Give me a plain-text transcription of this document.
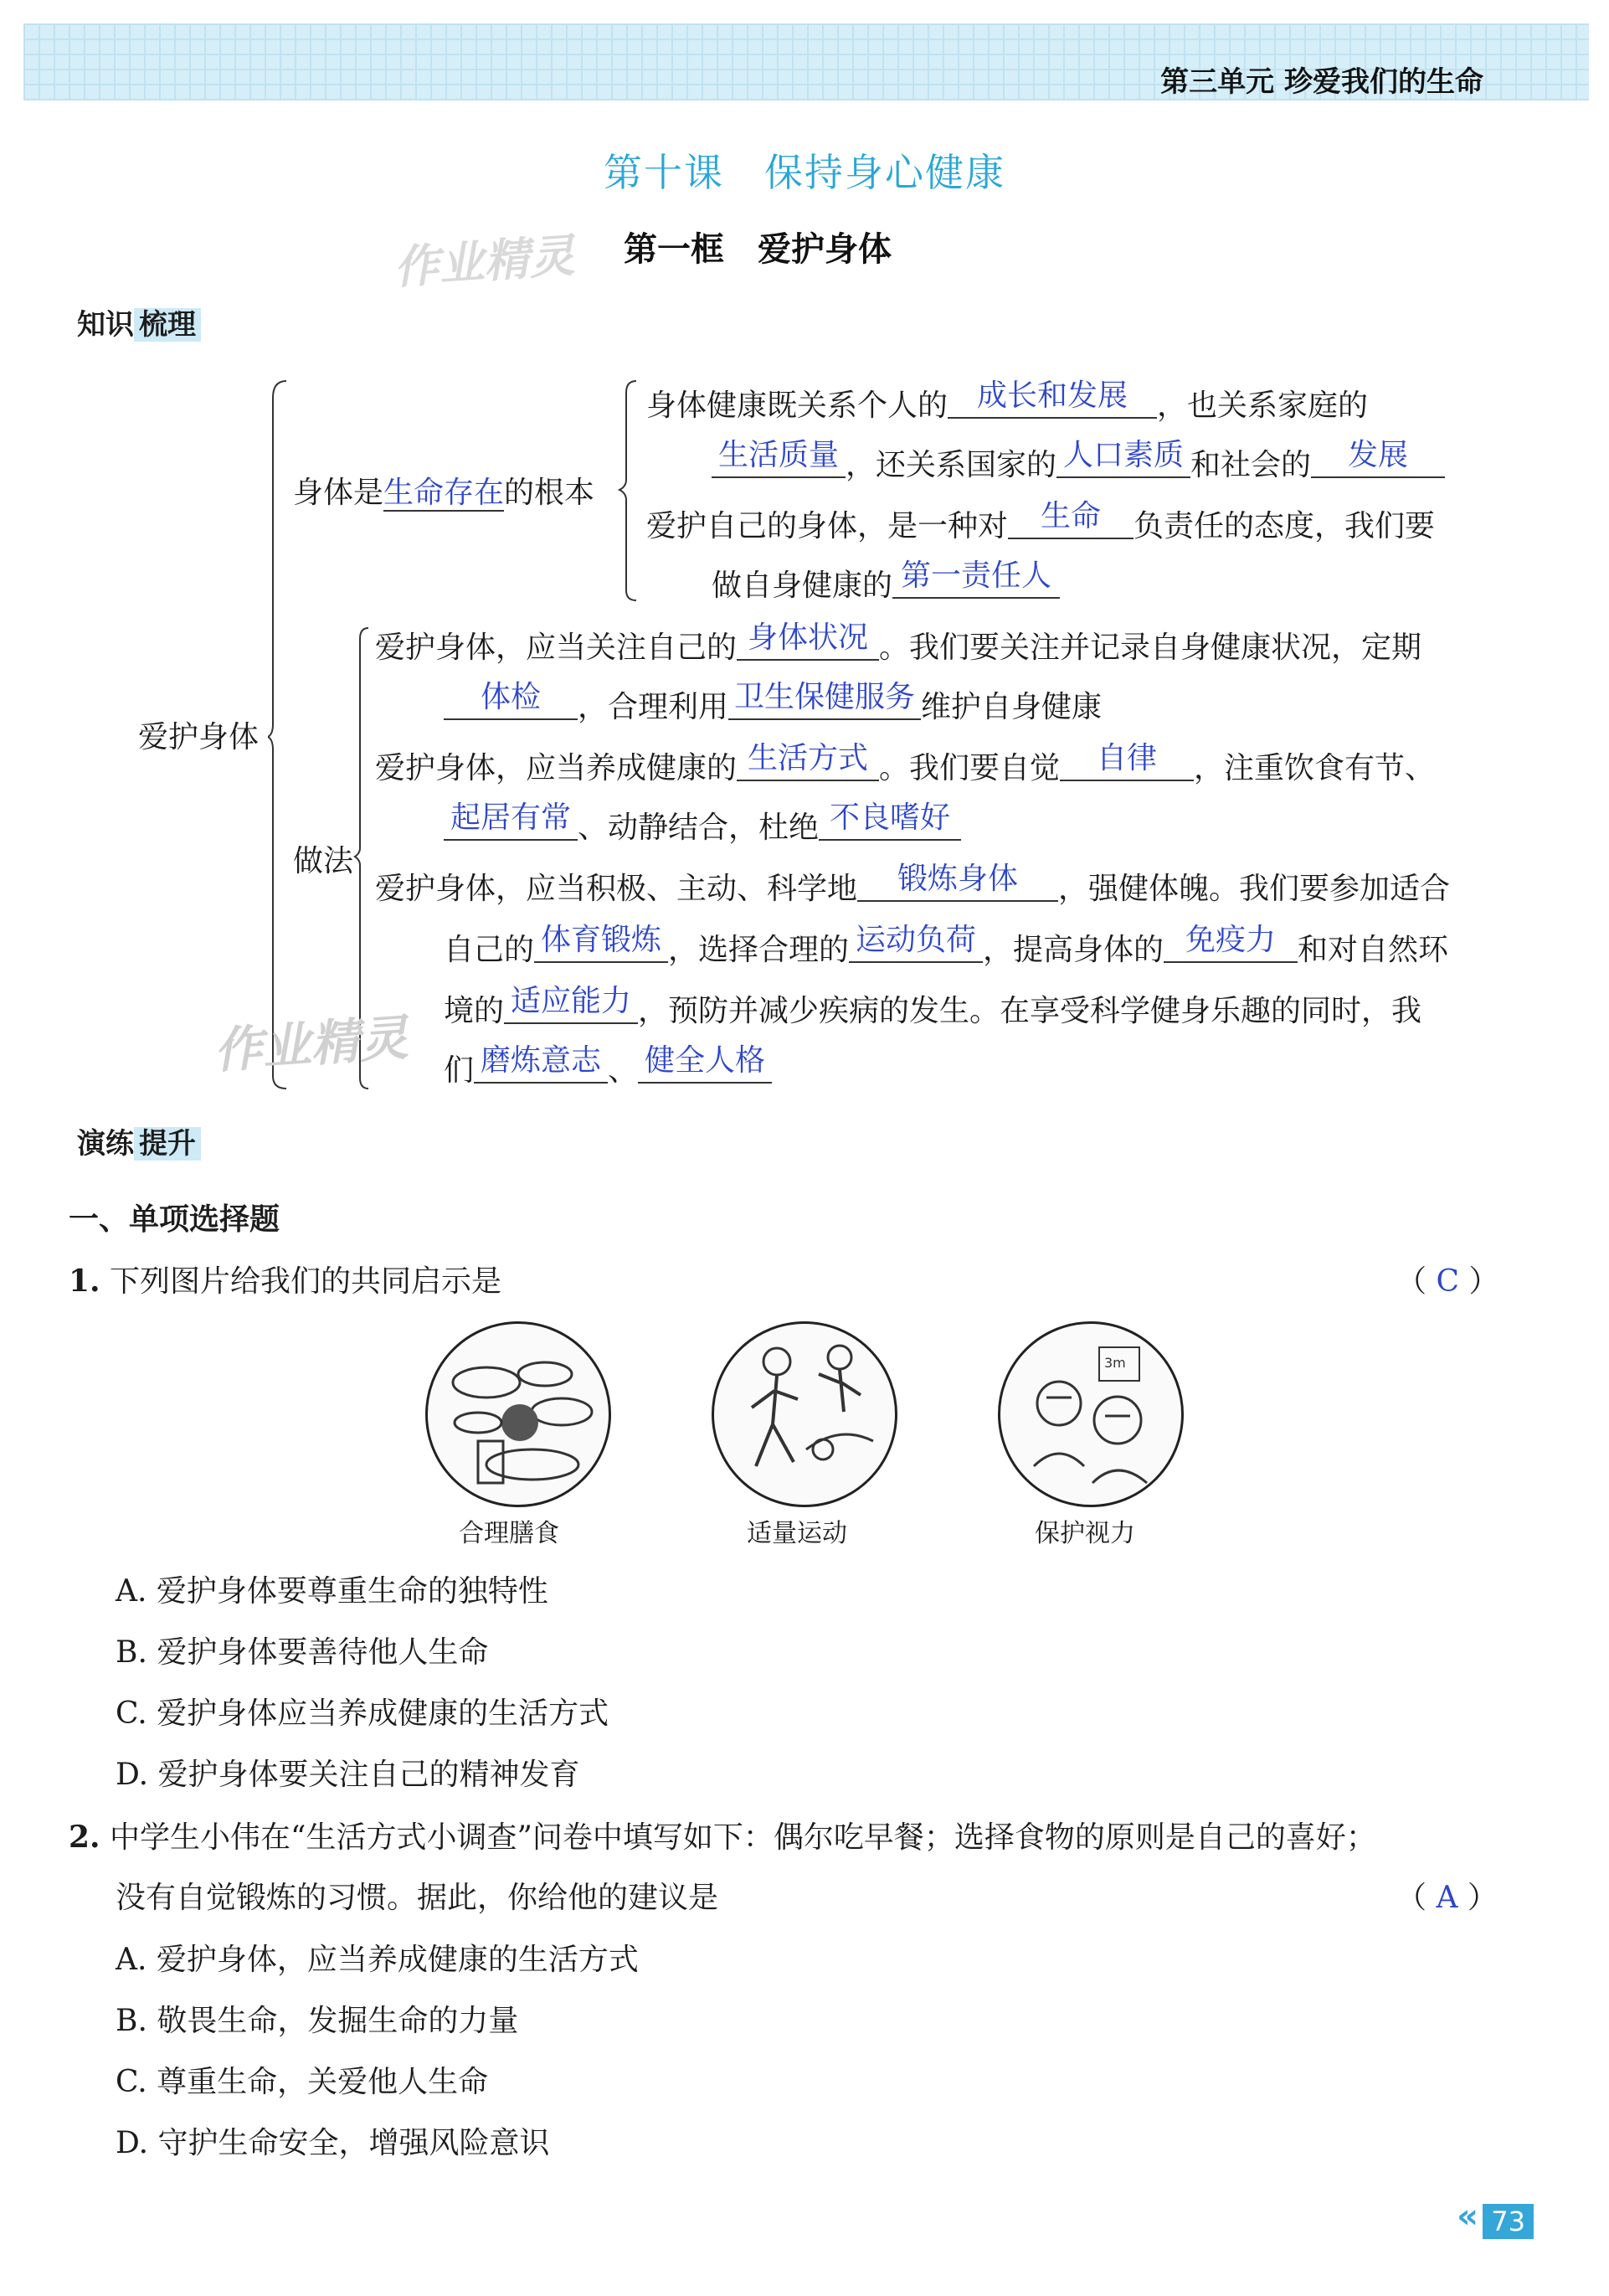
第三单元 珍爱我们的生命
第十课　保持身心健康
作业精灵 第一框　爱护身体
知识 梳理
爱护身体
身体是生命存在的根本
身体健康既关系个人的 成长和发展 ，也关系家庭的
生活质量 ，还关系国家的 人口素质 和社会的 发展
爱护自己的身体，是一种对 生命 负责任的态度，我们要
做自身健康的 第一责任人
做法
爱护身体，应当关注自己的 身体状况 。我们要关注并记录自身健康状况，定期
体检 ，合理利用 卫生保健服务 维护自身健康
爱护身体，应当养成健康的 生活方式 。我们要自觉 自律 ，注重饮食有节、
起居有常 、动静结合，杜绝 不良嗜好
爱护身体，应当积极、主动、科学地 锻炼身体 ，强健体魄。我们要参加适合
自己的 体育锻炼 ，选择合理的 运动负荷 ，提高身体的 免疫力 和对自然环
境的 适应能力 ，预防并减少疾病的发生。在享受科学健身乐趣的同时，我
们 磨炼意志 、 健全人格
作业精灵
演练 提升
一、单项选择题
1. 下列图片给我们的共同启示是	（ C ）
合理膳食	适量运动
3m
保护视力
A. 爱护身体要尊重生命的独特性
B. 爱护身体要善待他人生命
C. 爱护身体应当养成健康的生活方式
D. 爱护身体要关注自己的精神发育
2. 中学生小伟在“生活方式小调查”问卷中填写如下：偶尔吃早餐；选择食物的原则是自己的喜好；
没有自觉锻炼的习惯。据此，你给他的建议是	（ A ）
A. 爱护身体，应当养成健康的生活方式
B. 敬畏生命，发掘生命的力量
C. 尊重生命，关爱他人生命
D. 守护生命安全，增强风险意识
« 73
